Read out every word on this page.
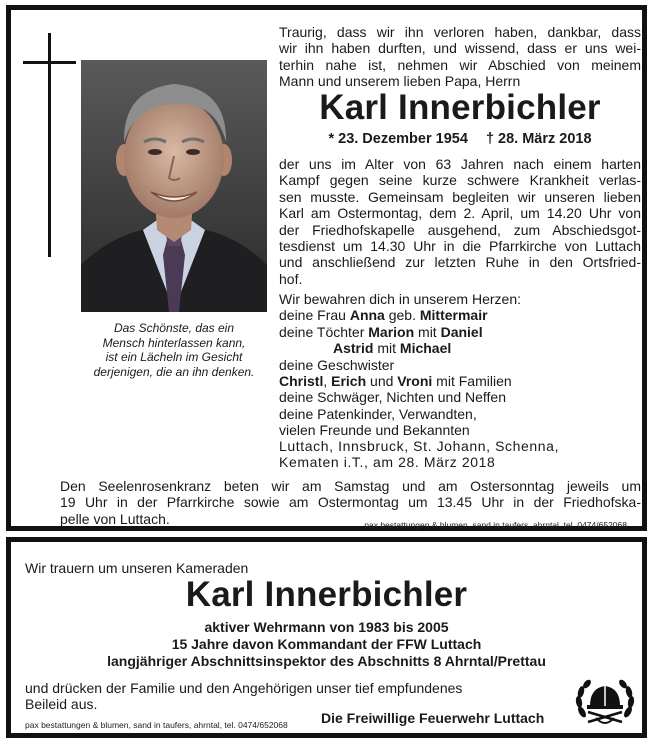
Das Schönste, das ein
Mensch hinterlassen kann,
ist ein Lächeln im Gesicht
derjenigen, die an ihn denken.
Traurig, dass wir ihn verloren haben, dankbar, dass
wir ihn haben durften, und wissend, dass er uns wei-
terhin nahe ist, nehmen wir Abschied von meinem
Mann und unserem lieben Papa, Herrn
Karl Innerbichler
* 23. Dezember 1954 † 28. März 2018
der uns im Alter von 63 Jahren nach einem harten
Kampf gegen seine kurze schwere Krankheit verlas-
sen musste. Gemeinsam begleiten wir unseren lieben
Karl am Ostermontag, dem 2. April, um 14.20 Uhr von
der Friedhofskapelle ausgehend, zum Abschiedsgot-
tesdienst um 14.30 Uhr in die Pfarrkirche von Luttach
und anschließend zur letzten Ruhe in den Ortsfried-
hof.
Wir bewahren dich in unserem Herzen:
deine Frau Anna geb. Mittermair
deine Töchter Marion mit Daniel
Astrid mit Michael
deine Geschwister
Christl, Erich und Vroni mit Familien
deine Schwäger, Nichten und Neffen
deine Patenkinder, Verwandten,
vielen Freunde und Bekannten
Luttach, Innsbruck, St. Johann, Schenna,
Kematen i.T., am 28. März 2018
Den Seelenrosenkranz beten wir am Samstag und am Ostersonntag jeweils um
19 Uhr in der Pfarrkirche sowie am Ostermontag um 13.45 Uhr in der Friedhofska-
pelle von Luttach.	pax bestattungen & blumen, sand in taufers, ahrntal, tel. 0474/652068
Wir trauern um unseren Kameraden
Karl Innerbichler
aktiver Wehrmann von 1983 bis 2005
15 Jahre davon Kommandant der FFW Luttach
langjähriger Abschnittsinspektor des Abschnitts 8 Ahrntal/Prettau
und drücken der Familie und den Angehörigen unser tief empfundenes
Beileid aus.
Die Freiwillige Feuerwehr Luttach
pax bestattungen & blumen, sand in taufers, ahrntal, tel. 0474/652068
